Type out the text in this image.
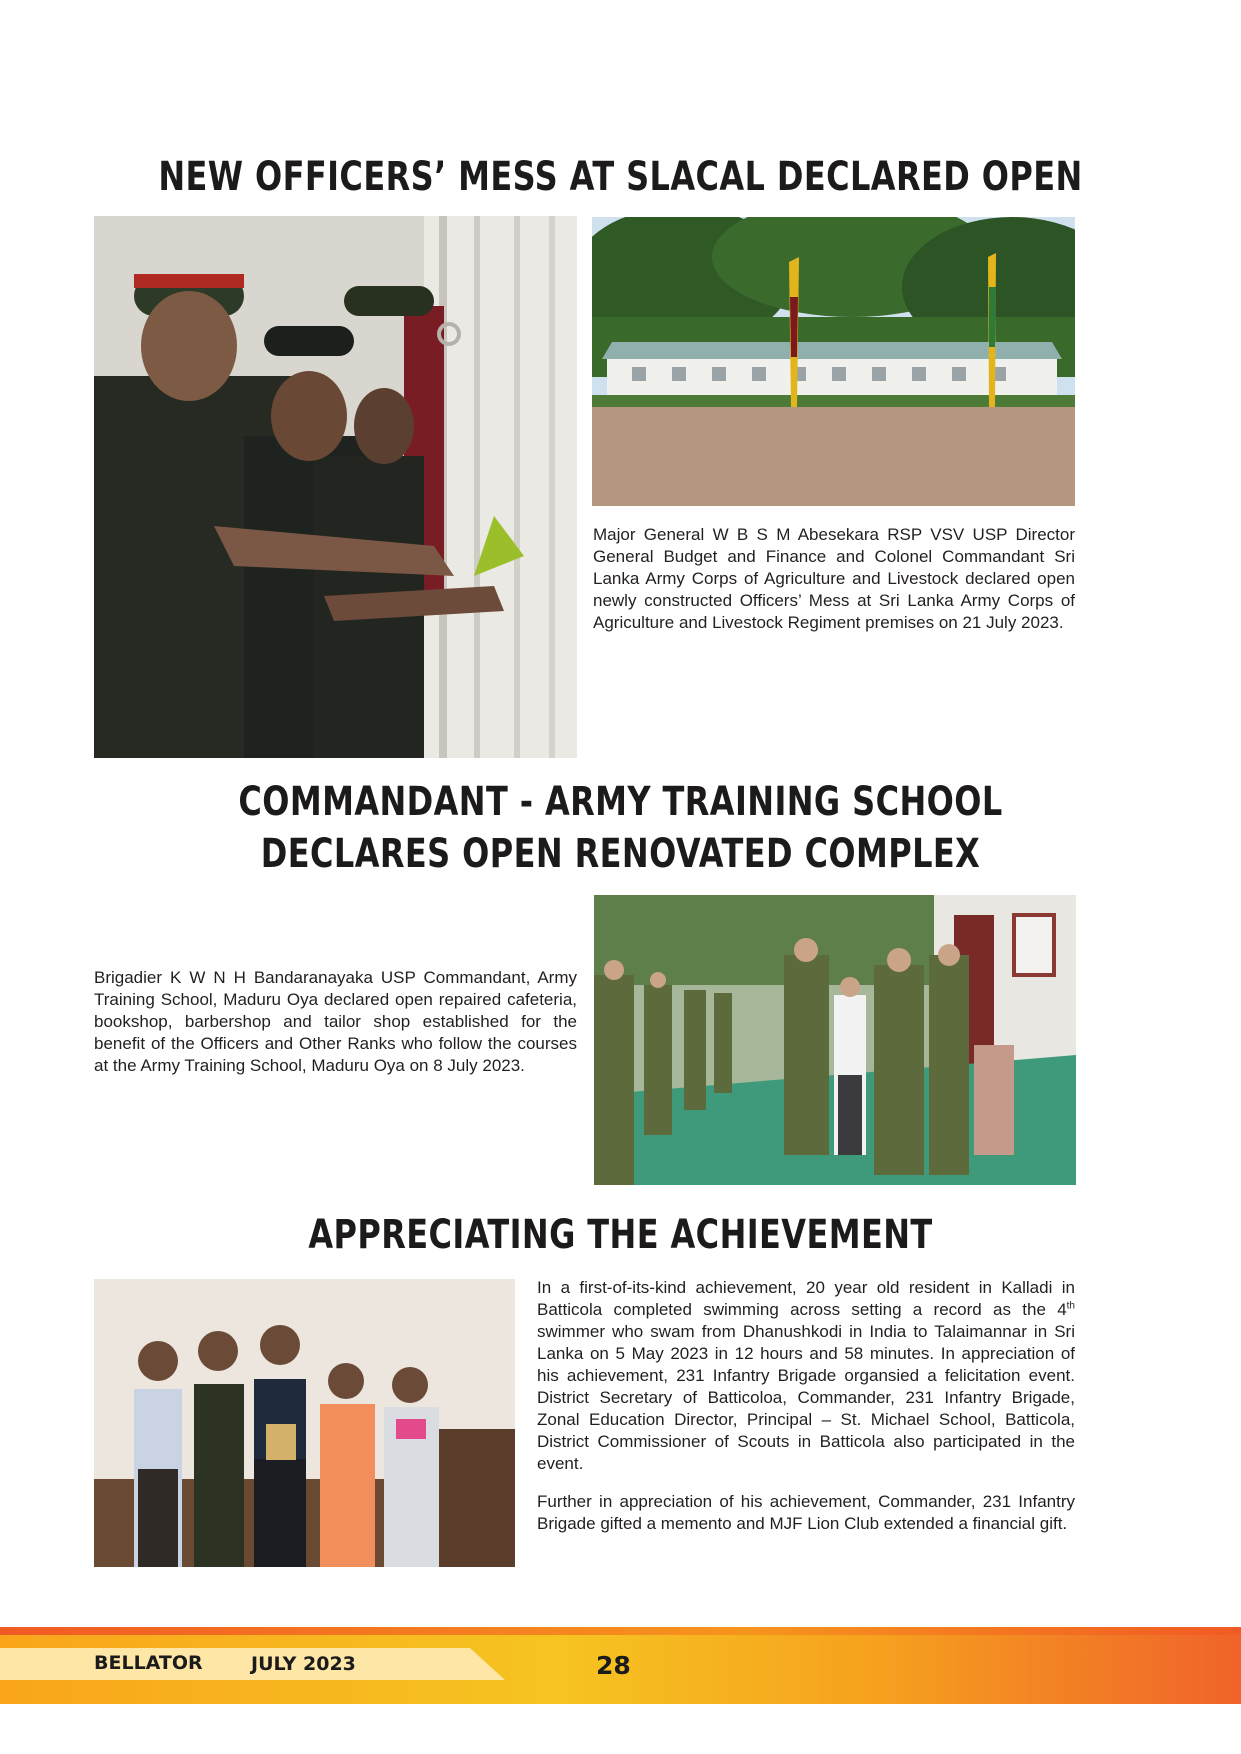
NEW OFFICERS’ MESS AT SLACAL DECLARED OPEN
Major General W B S M Abesekara RSP VSV USP Director General Budget and Finance and Colonel Commandant Sri Lanka Army Corps of Agriculture and Livestock declared open newly constructed Officers’ Mess at Sri Lanka Army Corps of Agriculture and Livestock Regiment premises on 21 July 2023.
COMMANDANT - ARMY TRAINING SCHOOL
DECLARES OPEN RENOVATED COMPLEX
Brigadier K W N H Bandaranayaka USP Commandant, Army Training School, Maduru Oya declared open repaired cafeteria, bookshop, barbershop and tailor shop established for the benefit of the Officers and Other Ranks who follow the courses at the Army Training School, Maduru Oya on 8 July 2023.
APPRECIATING THE ACHIEVEMENT

In a first-of-its-kind achievement, 20 year old resident in Kalladi in Batticola completed swimming across setting a record as the 4th swimmer who swam from Dhanushkodi in India to Talaimannar in Sri Lanka on 5 May 2023 in 12 hours and 58 minutes. In appreciation of his achievement, 231 Infantry Brigade organsied a felicitation event. District Secretary of Batticoloa, Commander, 231 Infantry Brigade, Zonal Education Director, Principal – St. Michael School, Batticola, District Commissioner of Scouts in Batticola also participated in the event.

Further in appreciation of his achievement, Commander, 231 Infantry Brigade gifted a memento and MJF Lion Club extended a financial gift.

BELLATOR	JULY 2023	28
